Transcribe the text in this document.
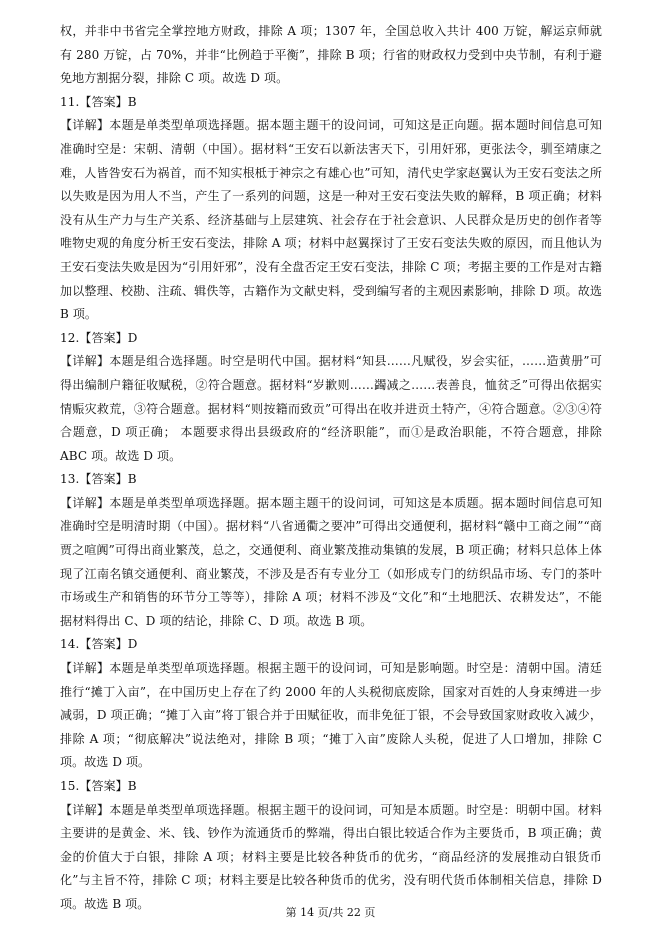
权，并非中书省完全掌控地方财政，排除 A 项；1307 年，全国总收入共计 400 万锭，解运京师就有 280 万锭，占 70%，并非“比例趋于平衡”，排除 B 项；行省的财政权力受到中央节制，有利于避免地方割据分裂，排除 C 项。故选 D 项。

11.【答案】B

【详解】本题是单类型单项选择题。据本题主题干的设问词，可知这是正向题。据本题时间信息可知准确时空是：宋朝、清朝（中国）。据材料“王安石以新法害天下，引用奸邪，更张法令，驯至靖康之难，人皆咎安石为祸首，而不知实根柢于神宗之有雄心也”可知，清代史学家赵翼认为王安石变法之所以失败是因为用人不当，产生了一系列的问题，这是一种对王安石变法失败的解释，B 项正确；材料没有从生产力与生产关系、经济基础与上层建筑、社会存在于社会意识、人民群众是历史的创作者等唯物史观的角度分析王安石变法，排除 A 项；材料中赵翼探讨了王安石变法失败的原因，而且他认为王安石变法失败是因为“引用奸邪”，没有全盘否定王安石变法，排除 C 项；考据主要的工作是对古籍加以整理、校勘、注疏、辑佚等，古籍作为文献史料，受到编写者的主观因素影响，排除 D 项。故选 B 项。

12.【答案】D

【详解】本题是组合选择题。时空是明代中国。据材料“知县……凡赋役，岁会实征，……造黄册”可得出编制户籍征收赋税，②符合题意。据材料“岁歉则……蠲减之……表善良，恤贫乏”可得出依据实情赈灾救荒，③符合题意。据材料“则按籍而致贡”可得出在收并进贡土特产，④符合题意。②③④符合题意，D 项正确； 本题要求得出县级政府的“经济职能”，而①是政治职能，不符合题意，排除 ABC 项。故选 D 项。

13.【答案】B

【详解】本题是单类型单项选择题。据本题主题干的设问词，可知这是本质题。据本题时间信息可知准确时空是明清时期（中国）。据材料“八省通衢之要冲”可得出交通便利，据材料“赣中工商之闹”“商贾之喧阗”可得出商业繁茂，总之，交通便利、商业繁茂推动集镇的发展，B 项正确；材料只总体上体现了江南名镇交通便利、商业繁茂，不涉及是否有专业分工（如形成专门的纺织品市场、专门的茶叶市场或生产和销售的环节分工等等），排除 A 项；材料不涉及“文化”和“土地肥沃、农耕发达”，不能据材料得出 C、D 项的结论，排除 C、D 项。故选 B 项。

14.【答案】D

【详解】本题是单类型单项选择题。根据主题干的设问词，可知是影响题。时空是：清朝中国。清廷推行“摊丁入亩”，在中国历史上存在了约 2000 年的人头税彻底废除，国家对百姓的人身束缚进一步减弱，D 项正确；“摊丁入亩”将丁银合并于田赋征收，而非免征丁银，不会导致国家财政收入减少，排除 A 项；“彻底解决”说法绝对，排除 B 项；“摊丁入亩”废除人头税，促进了人口增加，排除 C 项。故选 D 项。

15.【答案】B

【详解】本题是单类型单项选择题。根据主题干的设问词，可知是本质题。时空是：明朝中国。材料主要讲的是黄金、米、钱、钞作为流通货币的弊端，得出白银比较适合作为主要货币，B 项正确；黄金的价值大于白银，排除 A 项；材料主要是比较各种货币的优劣，“商品经济的发展推动白银货币化”与主旨不符，排除 C 项；材料主要是比较各种货币的优劣，没有明代货币体制相关信息，排除 D 项。故选 B 项。

第 14 页/共 22 页
